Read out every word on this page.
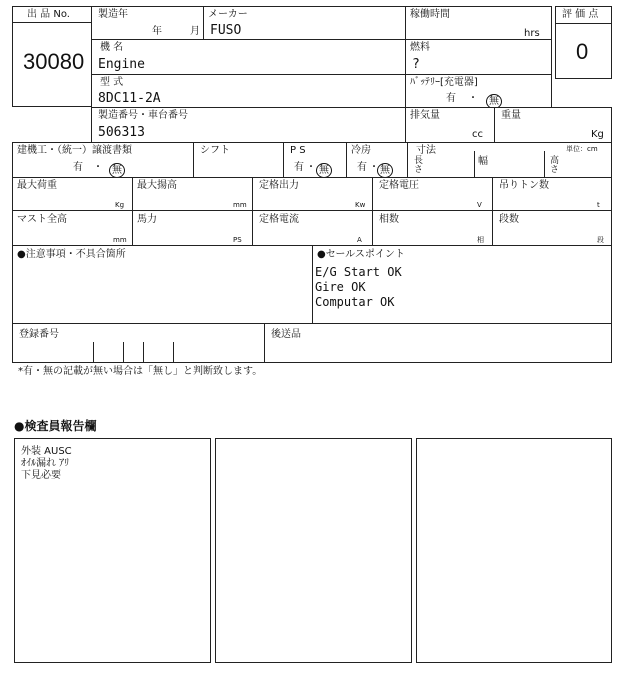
出 品 No.
30080
製造年
年	月
メーカー
FUSO
稼働時間
hrs
評 価 点
0
機 名
Engine
燃料
?
型 式
8DC11-2A
ﾊﾞｯﾃﾘｰ[充電器]
有 ・	無
製造番号・車台番号
506313
排気量
cc
重量
Kg
建機工・（統一）譲渡書類
有 ・ 無
シフト	P S
有 ・ 無
冷房
有 ・ 無
寸法	単位：cm
長さ	幅	高さ
最大荷重
Kg
最大揚高
mm
定格出力
Kw
定格電圧
V
吊りトン数
t
マスト全高
mm
馬力
PS
定格電流
A
相数
相
段数
段
●注意事項・不具合箇所	●セールスポイント
E/G Start OK
Gire OK
Computar OK
登録番号	後送品
*有・無の記載が無い場合は「無し」と判断致します。
●検査員報告欄
外装 AUSC
ｵｲﾙ漏れ ｱﾘ
下見必要
